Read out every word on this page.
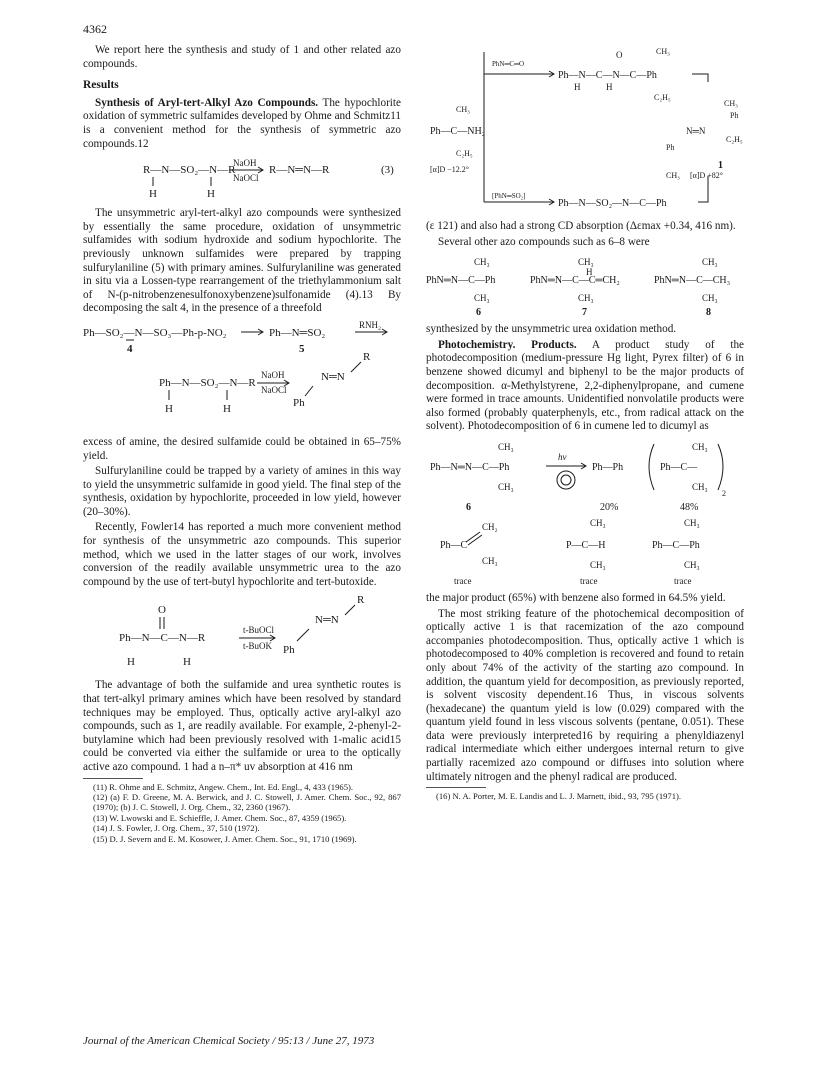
4362

We report here the synthesis and study of 1 and other related azo compounds.

Results

Synthesis of Aryl-tert-Alkyl Azo Compounds. The hypochlorite oxidation of symmetric sulfamides developed by Ohme and Schmitz11 is a convenient method for the synthesis of symmetric azo compounds.12

R—N—SO₂—N—R
H	H
NaOH
NaOCl
R—N═N—R	(3)

The unsymmetric aryl-tert-alkyl azo compounds were synthesized by essentially the same procedure, oxidation of unsymmetric sulfamides with sodium hydroxide and sodium hypochlorite. The previously unknown sulfamides were prepared by trapping sulfurylaniline (5) with primary amines. Sulfurylaniline was generated in situ via a Lossen-type rearrangement of the triethylammonium salt of N-(p-nitrobenzenesulfonoxybenzene)sulfonamide (4).13 By decomposing the salt 4, in the presence of a threefold

Ph—SO₂—N—SO₃—Ph-p-NO₂	Ph—N═SO₂
RNH₂
4	5
Ph—N—SO₂—N—R
H	H
NaOH
NaOCl
N═N
R
Ph

excess of amine, the desired sulfamide could be obtained in 65–75% yield.

Sulfurylaniline could be trapped by a variety of amines in this way to yield the unsymmetric sulfamide in good yield. The final step of the synthesis, oxidation by hypochlorite, proceeded in low yield, however (20–30%).

Recently, Fowler14 has reported a much more convenient method for synthesis of the unsymmetric azo compounds. This superior method, which we used in the latter stages of our work, involves conversion of the readily available unsymmetric urea to the azo compound by the use of tert-butyl hypochlorite and tert-butoxide.

O
Ph—N—C—N—R
H	H
t-BuOCl
t-BuOK
N═N
R
Ph

The advantage of both the sulfamide and urea synthetic routes is that tert-alkyl primary amines which have been resolved by standard techniques may be employed. Thus, optically active aryl-alkyl azo compounds, such as 1, are readily available. For example, 2-phenyl-2-butylamine which had been previously resolved with 1-malic acid15 could be converted via either the sulfamide or urea to the optically active azo compound. 1 had a n–π* uv absorption at 416 nm

(11) R. Ohme and E. Schmitz, Angew. Chem., Int. Ed. Engl., 4, 433 (1965).

(12) (a) F. D. Greene, M. A. Berwick, and J. C. Stowell, J. Amer. Chem. Soc., 92, 867 (1970); (b) J. C. Stowell, J. Org. Chem., 32, 2360 (1967).

(13) W. Lwowski and E. Schieffle, J. Amer. Chem. Soc., 87, 4359 (1965).

(14) J. S. Fowler, J. Org. Chem., 37, 510 (1972).

(15) D. J. Severn and E. M. Kosower, J. Amer. Chem. Soc., 91, 1710 (1969).

PhN═C═O
CH₃
O
Ph—N—C—N—C—Ph
H	H
C₂H₅
CH₃
Ph—C—NH₂
C₂H₅
[α]D −12.2°
CH₃
Ph
N═N
C₂H₅
Ph
1
[PhN═SO₂]
CH₃ [α]D +82°
Ph—N—SO₂—N—C—Ph

(ε 121) and also had a strong CD absorption (Δεmax +0.34, 416 nm).

Several other azo compounds such as 6–8 were

CH₃
PhN═N—C—Ph
CH₃
6
CH₃
H
PhN═N—C—C═CH₂
CH₃
7
CH₃
PhN═N—C—CH₃
CH₃
8

synthesized by the unsymmetric urea oxidation method.

Photochemistry. Products. A product study of the photodecomposition (medium-pressure Hg light, Pyrex filter) of 6 in benzene showed dicumyl and biphenyl to be the major products of decomposition. α-Methylstyrene, 2,2-diphenylpropane, and cumene were formed in trace amounts. Unidentified nonvolatile products were also formed (probably quaterphenyls, etc., from radical attack on the solvent). Photodecomposition of 6 in cumene led to dicumyl as

CH₃
Ph—N═N—C—Ph
CH₃
hν
Ph—Ph
CH₃
Ph—C—
CH₃
2
6	20%	48%
CH₂
Ph—C
CH₃
CH₃
P—C—H
CH₃
CH₃
Ph—C—Ph
CH₃
trace	trace	trace

the major product (65%) with benzene also formed in 64.5% yield.

The most striking feature of the photochemical decomposition of optically active 1 is that racemization of the azo compound accompanies photodecomposition. Thus, optically active 1 which is photodecomposed to 40% completion is recovered and found to retain only about 74% of the activity of the starting azo compound. In addition, the quantum yield for decomposition, as previously reported, is solvent viscosity dependent.16 Thus, in viscous solvents (hexadecane) the quantum yield is low (0.029) compared with the quantum yield found in less viscous solvents (pentane, 0.051). These data were previously interpreted16 by requiring a phenyldiazenyl radical intermediate which either undergoes internal return to give partially racemized azo compound or diffuses into solution where ultimately nitrogen and the phenyl radical are produced.

(16) N. A. Porter, M. E. Landis and L. J. Marnett, ibid., 93, 795 (1971).

Journal of the American Chemical Society / 95:13 / June 27, 1973
